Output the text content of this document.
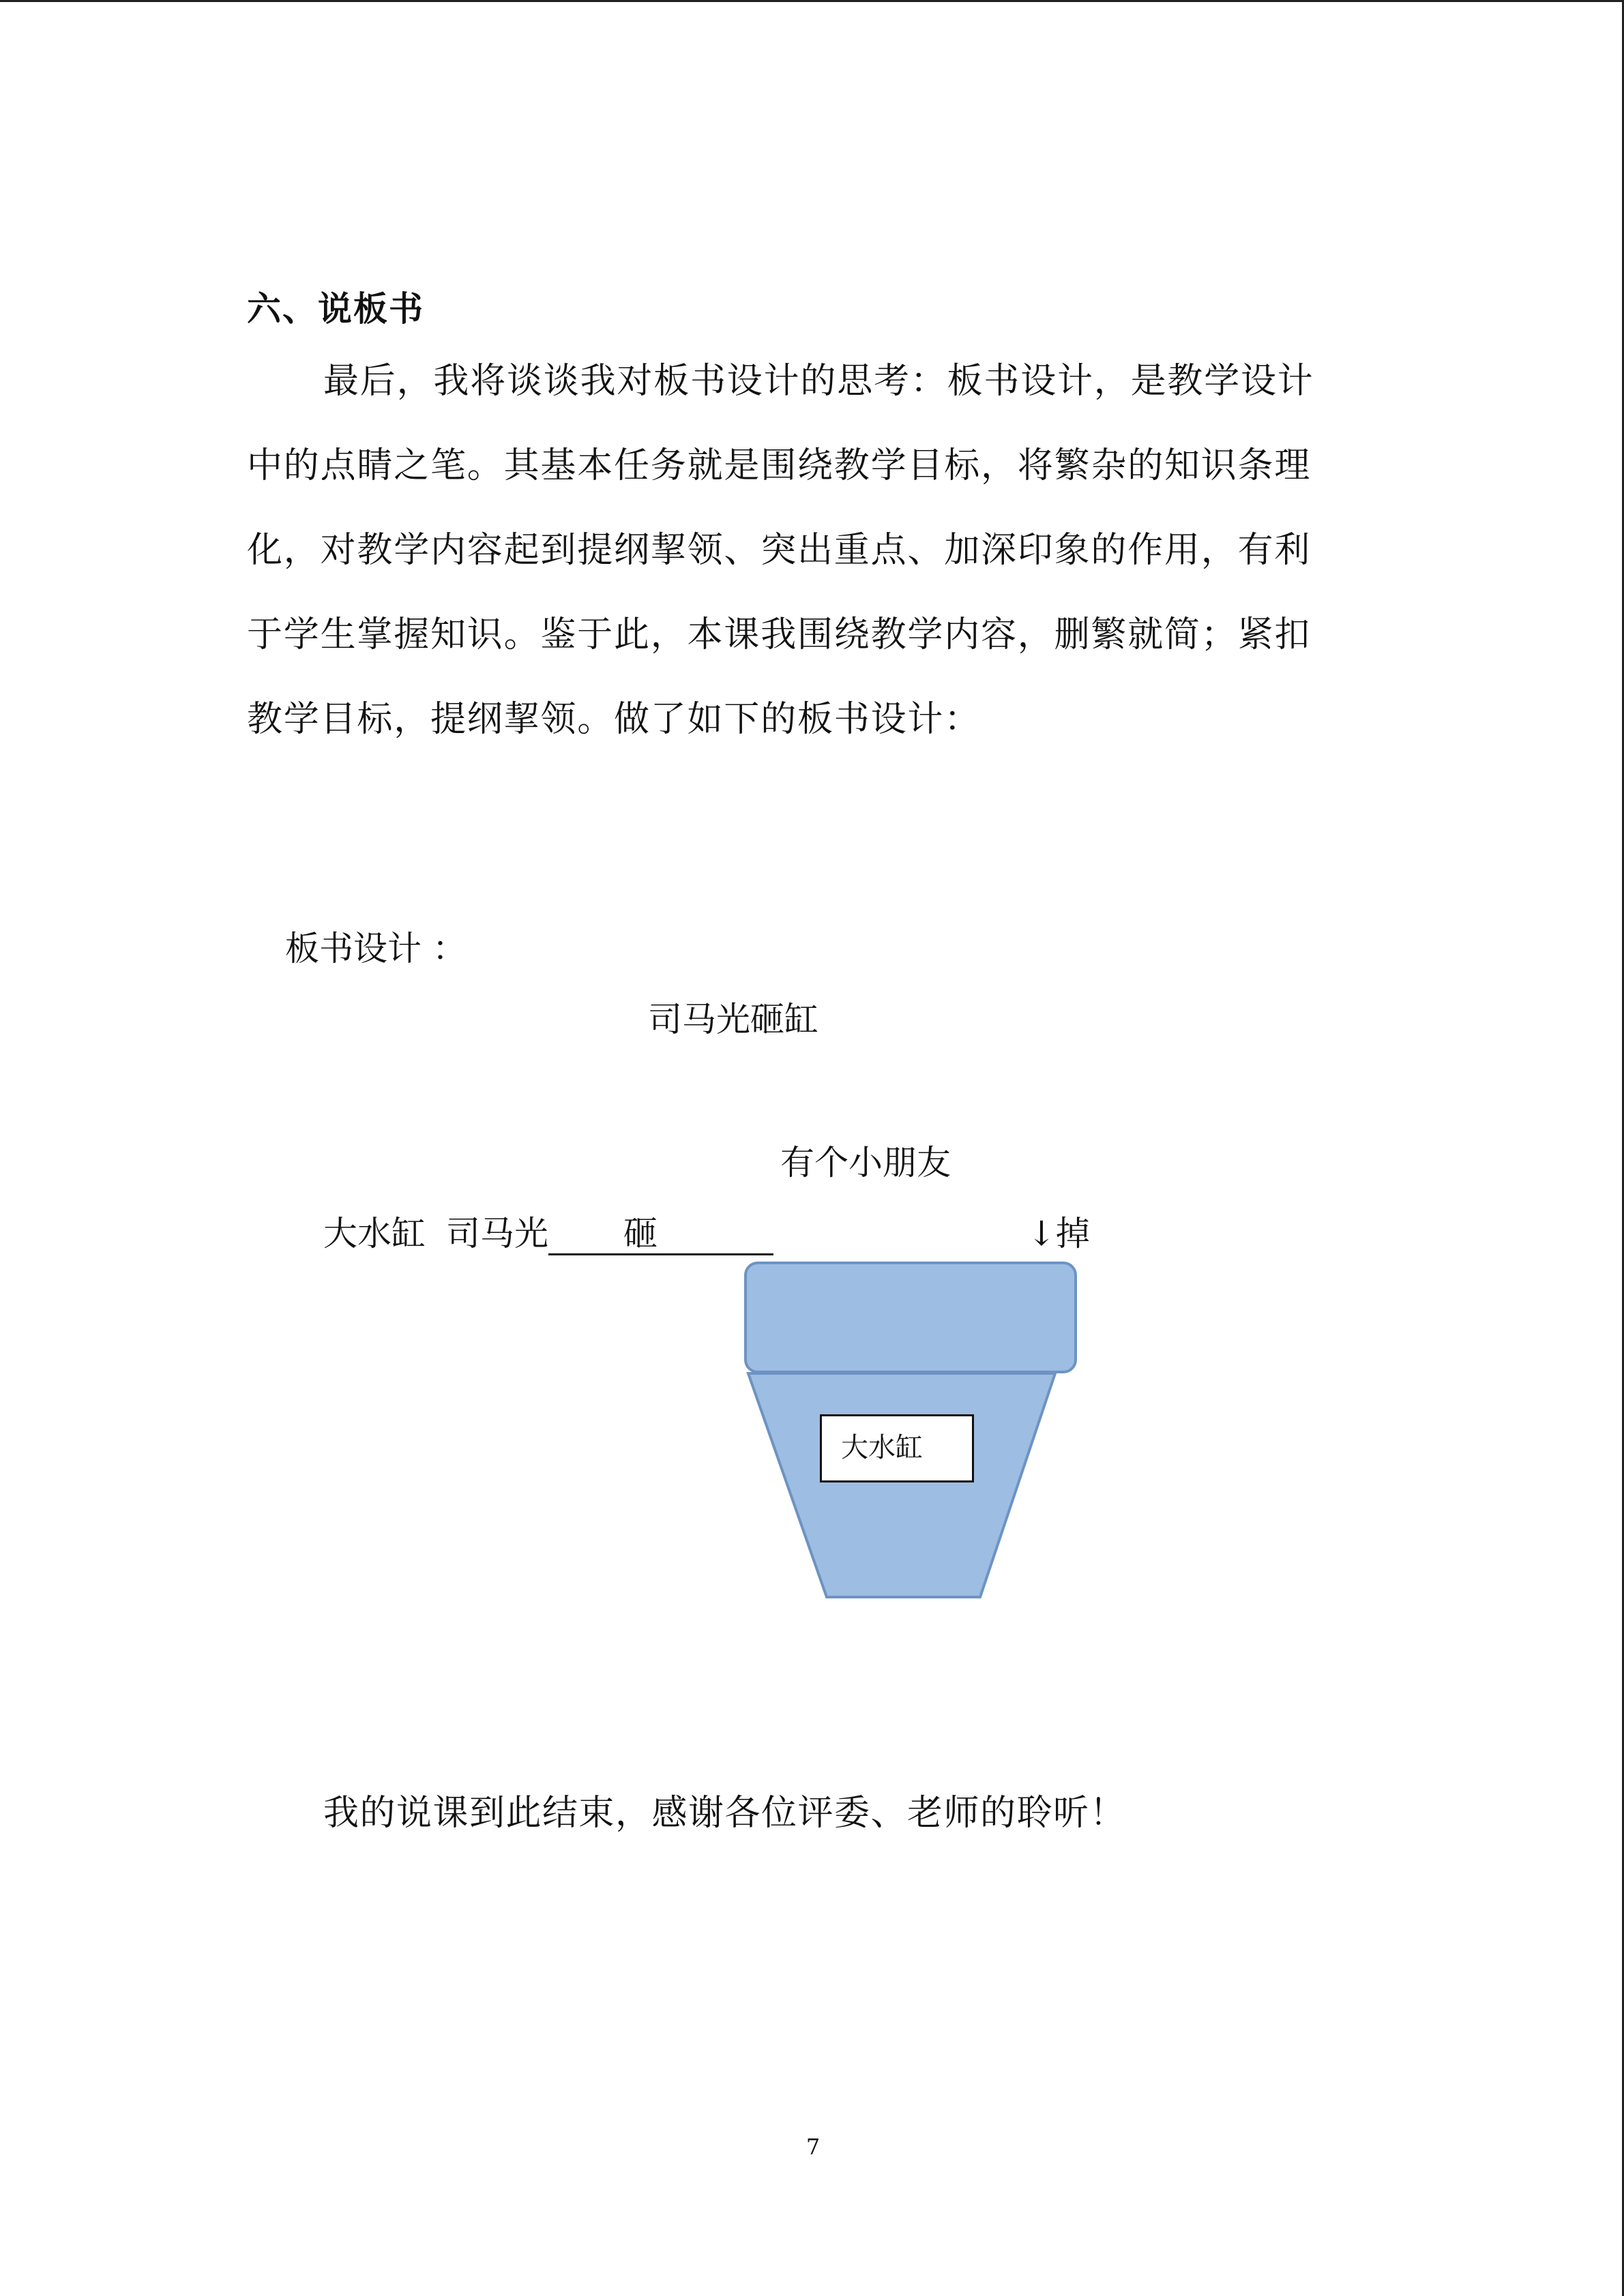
六、说板书
最后，我将谈谈我对板书设计的思考：板书设计，是教学设计
中的点睛之笔。其基本任务就是围绕教学目标，将繁杂的知识条理
化，对教学内容起到提纲挈领、突出重点、加深印象的作用，有利
于学生掌握知识。鉴于此，本课我围绕教学内容，删繁就简；紧扣
教学目标，提纲挈领。做了如下的板书设计：
板书设计 ：
司马光砸缸
有个小朋友
大水缸 司马光 砸	↓掉
大水缸
我的说课到此结束，感谢各位评委、老师的聆听！
7
